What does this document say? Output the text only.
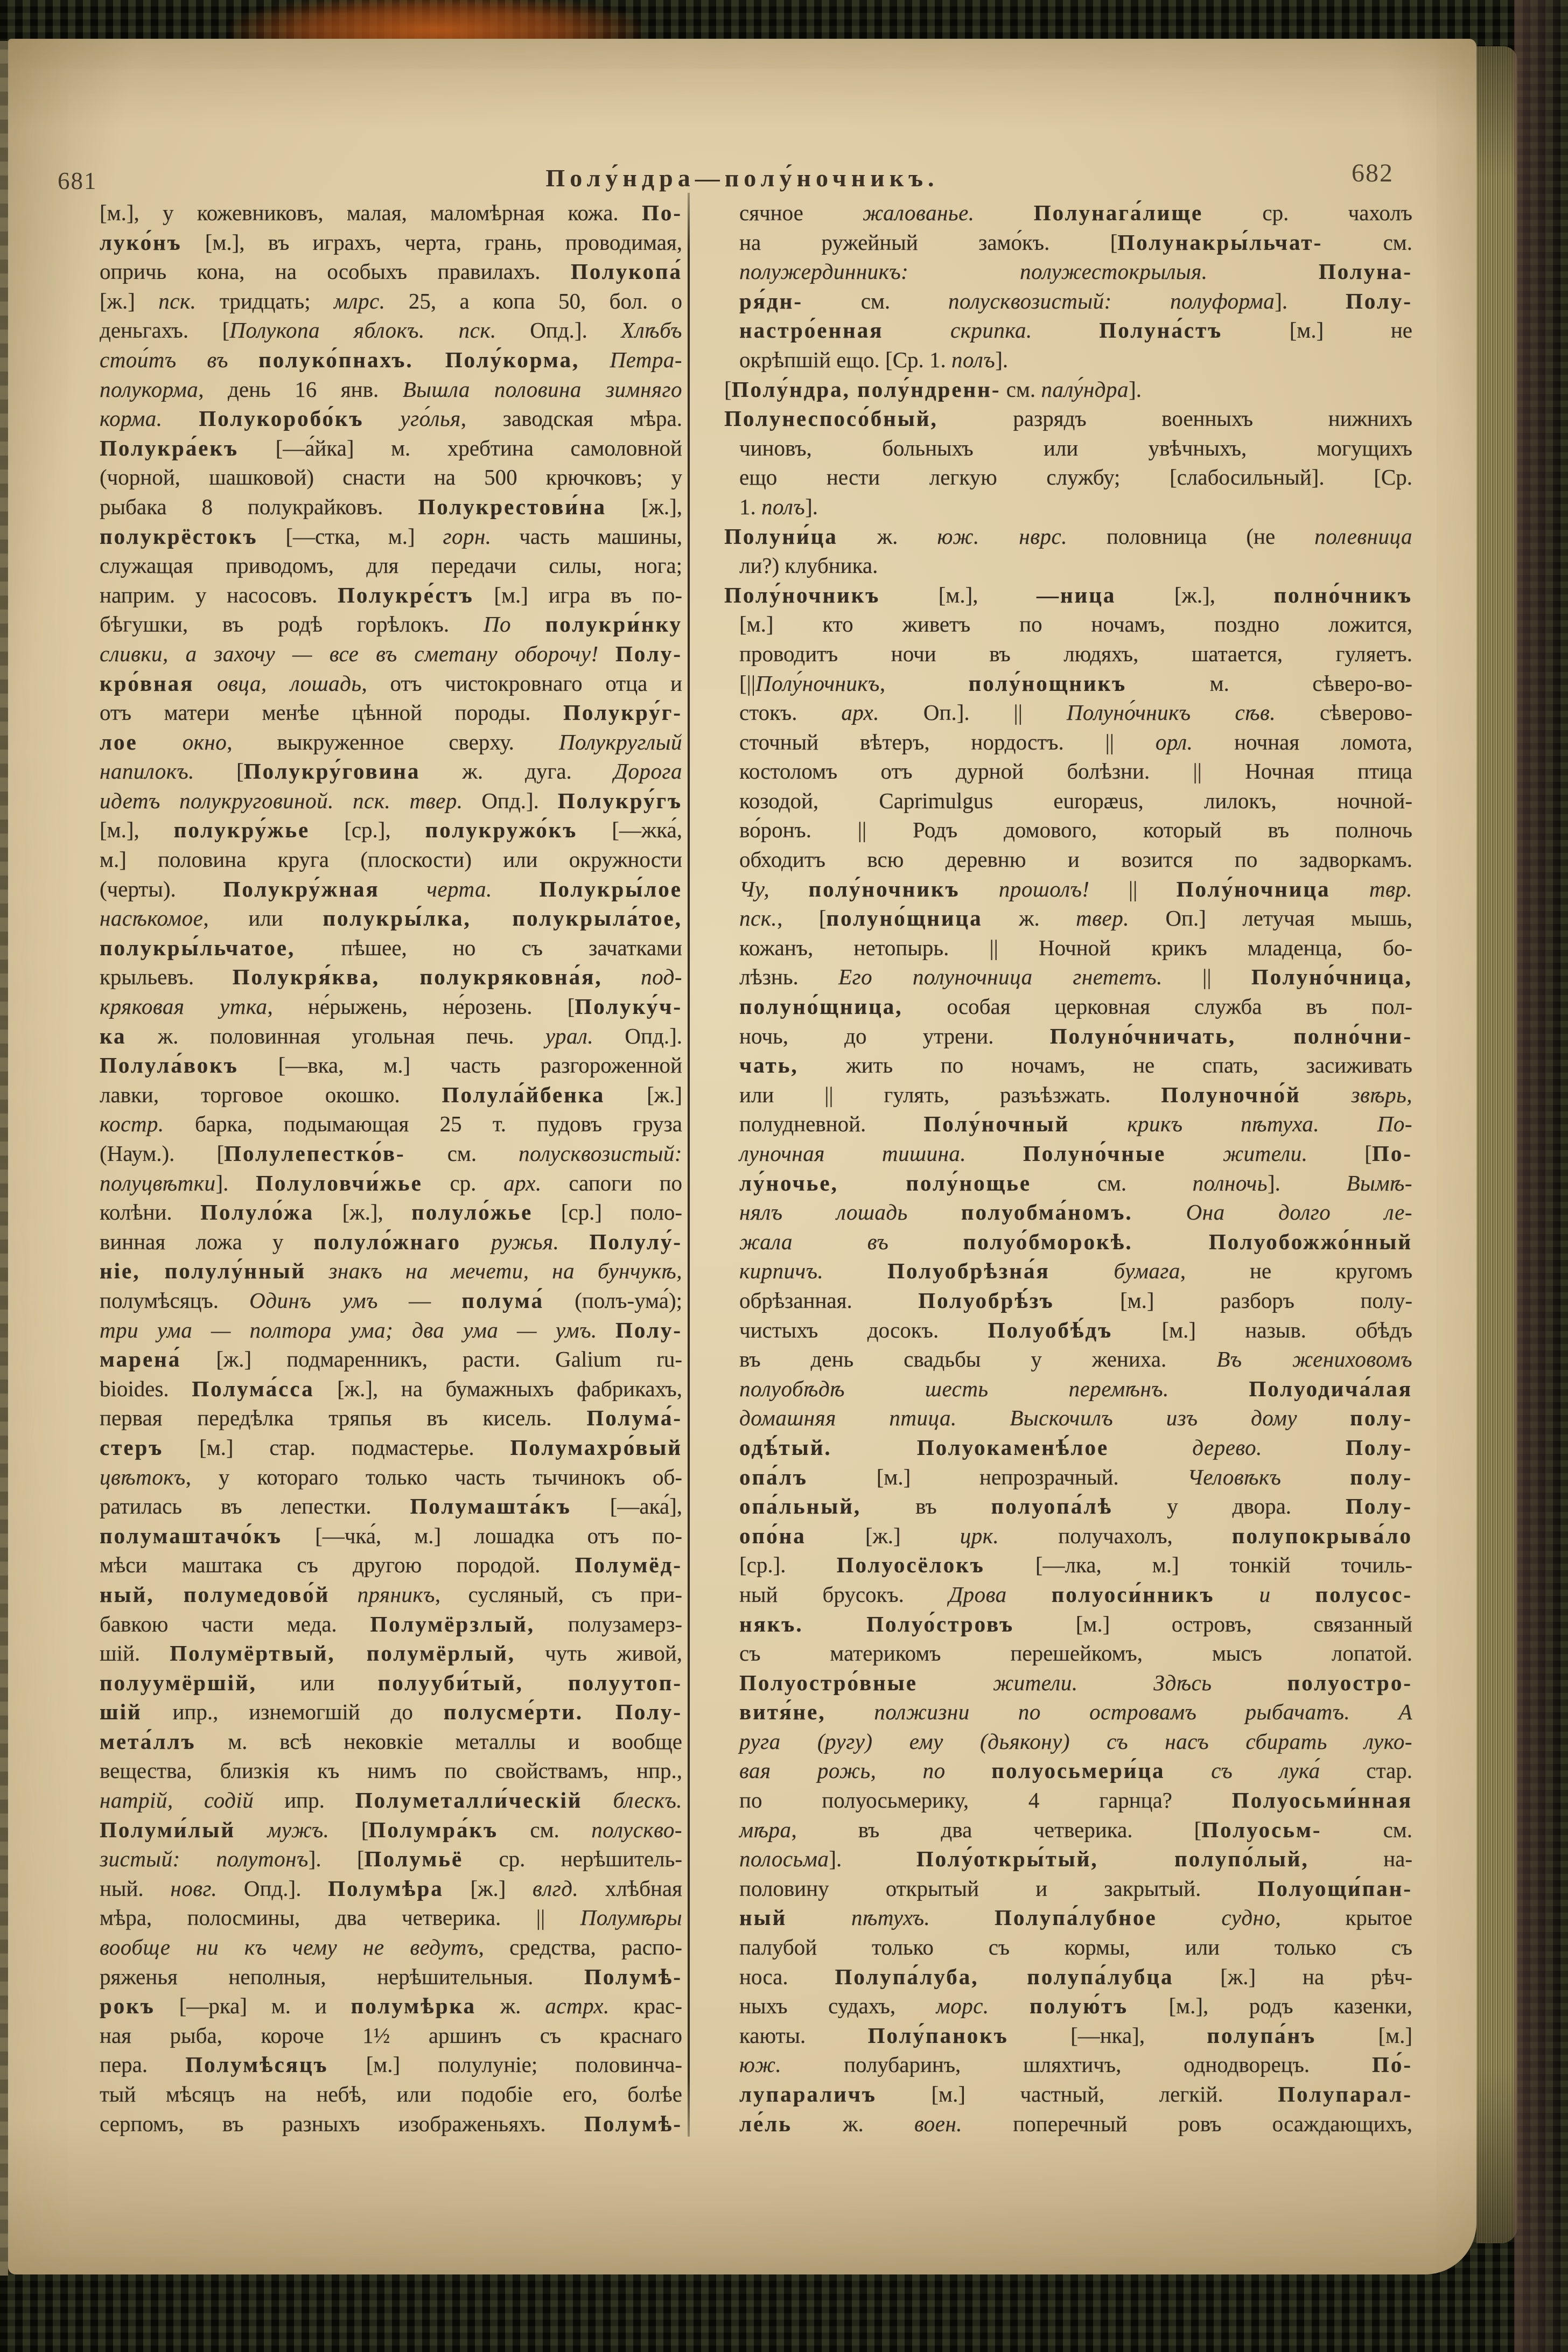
681	Полу́ндра—полу́ночникъ.	682
[м.], у кожевниковъ, малая, маломѣрная кожа. По-
луко́нъ [м.], въ играхъ, черта, грань, проводимая,
опричь кона, на особыхъ правилахъ. Полукопа́
[ж.] пск. тридцать; млрс. 25, а копа 50, бол. о
деньгахъ. [Полукопа яблокъ. пск. Опд.]. Хлѣбъ
стои́тъ въ полуко́пнахъ. Полу́корма, Петра-
полукорма, день 16 янв. Вышла половина зимняго
корма. Полукоробо́къ уго́лья, заводская мѣра.
Полукра́екъ [—а́йка] м. хребтина самоловной
(чорной, шашковой) снасти на 500 крючковъ; у
рыбака 8 полукрайковъ. Полукрестови́на [ж.],
полукрёстокъ [—стка, м.] горн. часть машины,
служащая приводомъ, для передачи силы, нога;
наприм. у насосовъ. Полукре́стъ [м.] игра въ по-
бѣгушки, въ родѣ горѣлокъ. По полукри́нку
сливки, а захочу — все въ сметану оборочу! Полу-
кро́вная овца, лошадь, отъ чистокровнаго отца и
отъ матери менѣе цѣнной породы. Полукру́г-
лое окно, выкруженное сверху. Полукруглый
напилокъ. [Полукру́говина ж. дуга. Дорога
идетъ полукруговиной. пск. твер. Опд.]. Полукру́гъ
[м.], полукру́жье [ср.], полукружо́къ [—жка́,
м.] половина круга (плоскости) или окружности
(черты). Полукру́жная черта. Полукры́лое
насѣкомое, или полукры́лка, полукрыла́тое,
полукры́льчатое, пѣшее, но съ зачатками
крыльевъ. Полукря́ква, полукряковна́я, под-
кряковая утка, не́рыжень, не́розень. [Полуку́ч-
ка ж. половинная угольная печь. урал. Опд.].
Полула́вокъ [—вка, м.] часть разгороженной
лавки, торговое окошко. Полула́йбенка [ж.]
костр. барка, подымающая 25 т. пудовъ груза
(Наум.). [Полулепестко́в- см. полусквозистый:
полуцвѣтки]. Полуловчи́жье ср. арх. сапоги по
колѣни. Полуло́жа [ж.], полуло́жье [ср.] поло-
винная ложа у полуло́жнаго ружья. Полулу́-
ніе, полулу́нный знакъ на мечети, на бунчукѣ,
полумѣсяцъ. Одинъ умъ — полума́ (полъ-ума́);
три ума — полтора ума; два ума — умъ. Полу-
марена́ [ж.] подмаренникъ, расти. Galium ru-
bioides. Полума́сса [ж.], на бумажныхъ фабрикахъ,
первая передѣлка тряпья въ кисель. Полума́-
стеръ [м.] стар. подмастерье. Полумахро́вый
цвѣтокъ, у котораго только часть тычинокъ об-
ратилась въ лепестки. Полумашта́къ [—ака́],
полумаштачо́къ [—чка́, м.] лошадка отъ по-
мѣси маштака съ другою породой. Полумёд-
ный, полумедово́й пряникъ, сусляный, съ при-
бавкою части меда. Полумёрзлый, полузамерз-
шій. Полумёртвый, полумёрлый, чуть живой,
полуумёршій, или полууби́тый, полуутоп-
шій ипр., изнемогшій до полусме́рти. Полу-
мета́ллъ м. всѣ нековкіе металлы и вообще
вещества, близкія къ нимъ по свойствамъ, нпр.,
натрій, содій ипр. Полуметалли́ческій блескъ.
Полуми́лый мужъ. [Полумра́къ см. полускво-
зистый: полутонъ]. [Полумьё ср. нерѣшитель-
ный. новг. Опд.]. Полумѣра [ж.] влгд. хлѣбная
мѣра, полосмины, два четверика. || Полумѣры
вообще ни къ чему не ведутъ, средства, распо-
ряженья неполныя, нерѣшительныя. Полумѣ-
рокъ [—рка] м. и полумѣрка ж. астрх. крас-
ная рыба, короче 1½ аршинъ съ краснаго
пера. Полумѣсяцъ [м.] полулуніе; половинча-
тый мѣсяцъ на небѣ, или подобіе его, болѣе
серпомъ, въ разныхъ изображеньяхъ. Полумѣ-
сячное жалованье.	Полунага́лище ср. чахолъ
на ружейный замо́къ. [Полунакры́льчат- см.
полужердинникъ: полужестокрылыя.	Полуна-
ря́дн- см. полусквозистый: полуформа]. Полу-
настро́енная	скрипка.	Полуна́стъ [м.] не
окрѣпшій ещо. [Ср. 1. полъ].
[Полу́ндра, полу́ндренн- см. палу́ндра].
Полунеспосо́бный, разрядъ военныхъ нижнихъ
чиновъ, больныхъ или увѣчныхъ, могущихъ
ещо нести легкую службу; [слабосильный]. [Ср.
1. полъ].
Полуни́ца ж. юж. нврс. половница (не полевница
ли?) клубника.
Полу́ночникъ [м.], —ница [ж.], полно́чникъ
[м.] кто живетъ по ночамъ, поздно ложится,
проводитъ ночи въ людяхъ, шатается, гуляетъ.
[||Полу́ночникъ, полу́нощникъ м. сѣверо-во-
стокъ. арх. Оп.]. || Полуно́чникъ сѣв. сѣверово-
сточный вѣтеръ, нордостъ. || орл. ночная ломота,
костоломъ отъ дурной болѣзни. || Ночная птица
козодой, Caprimulgus europæus, лилокъ, ночной-
во́ронъ. || Родъ домового, который въ полночь
обходитъ всю деревню и возится по задворкамъ.
Чу, полу́ночникъ прошолъ! || Полу́ночница твр.
пск., [полуно́щница ж. твер. Оп.] летучая мышь,
кожанъ, нетопырь. || Ночной крикъ младенца, бо-
лѣзнь. Его полуночница гнететъ. || Полуно́чница,
полуно́щница, особая церковная служба въ пол-
ночь, до утрени. Полуно́чничать, полно́чни-
чать, жить по ночамъ, не спать, засиживать
или || гулять, разъѣзжать. Полуночно́й звѣрь,
полудневной. Полу́ночный	крикъ пѣтуха. По-
луночная тишина.	Полуно́чные	жители. [По-
лу́ночье, полу́нощье см. полночь]. Вымѣ-
нялъ лошадь полуобма́номъ. Она долго ле-
жала въ	полуо́бморокѣ. Полуобожжо́нный
кирпичъ.	Полуобрѣзна́я	бумага, не кругомъ
обрѣзанная. Полуобрѣ́зъ [м.] разборъ полу-
чистыхъ досокъ. Полуобѣ́дъ [м.] назыв. обѣдъ
въ день свадьбы у жениха. Въ жениховомъ
полуобѣдѣ шесть перемѣнъ.	Полуодича́лая
домашняя птица. Выскочилъ изъ дому полу-
одѣ́тый. Полуокаменѣ́лое	дерево.	Полу-
опа́лъ [м.] непрозрачный. Человѣкъ	полу-
опа́льный, въ полуопа́лѣ у двора. Полу-
опо́на [ж.] црк. получахолъ, полупокрыва́ло
[ср.]. Полуосёлокъ [—лка, м.] тонкій точиль-
ный брусокъ. Дрова полуоси́нникъ и полусос-
някъ. Полуо́стровъ [м.] островъ, связанный
съ материкомъ перешейкомъ, мысъ лопатой.
Полуостро́вные	жители. Здѣсь	полуостро-
витя́не, полжизни по островамъ рыбачатъ. А
руга (ругу) ему (дьякону) съ насъ сбирать луко-
вая рожь, по полуосьмери́ца съ лука́ стар.
по полуосьмерику, 4 гарнца? Полуосьми́нная
мѣра, въ два четверика. [Полуосьм- см.
полосьма]. Полу́откры́тый, полупо́лый, на-
половину открытый и закрытый. Полуощи́пан-
ный	пѣтухъ.	Полупа́лубное	судно, крытое
палубой только съ кормы, или только съ
носа. Полупа́луба, полупа́лубца [ж.] на рѣч-
ныхъ судахъ, морс. полую́тъ [м.], родъ казенки,
каюты. Полу́панокъ [—нка], полупа́нъ [м.]
юж. полубаринъ, шляхтичъ, однодворецъ. По́-
лупараличъ [м.] частный, легкій. Полупарал-
ле́ль ж. воен. поперечный ровъ осаждающихъ,
